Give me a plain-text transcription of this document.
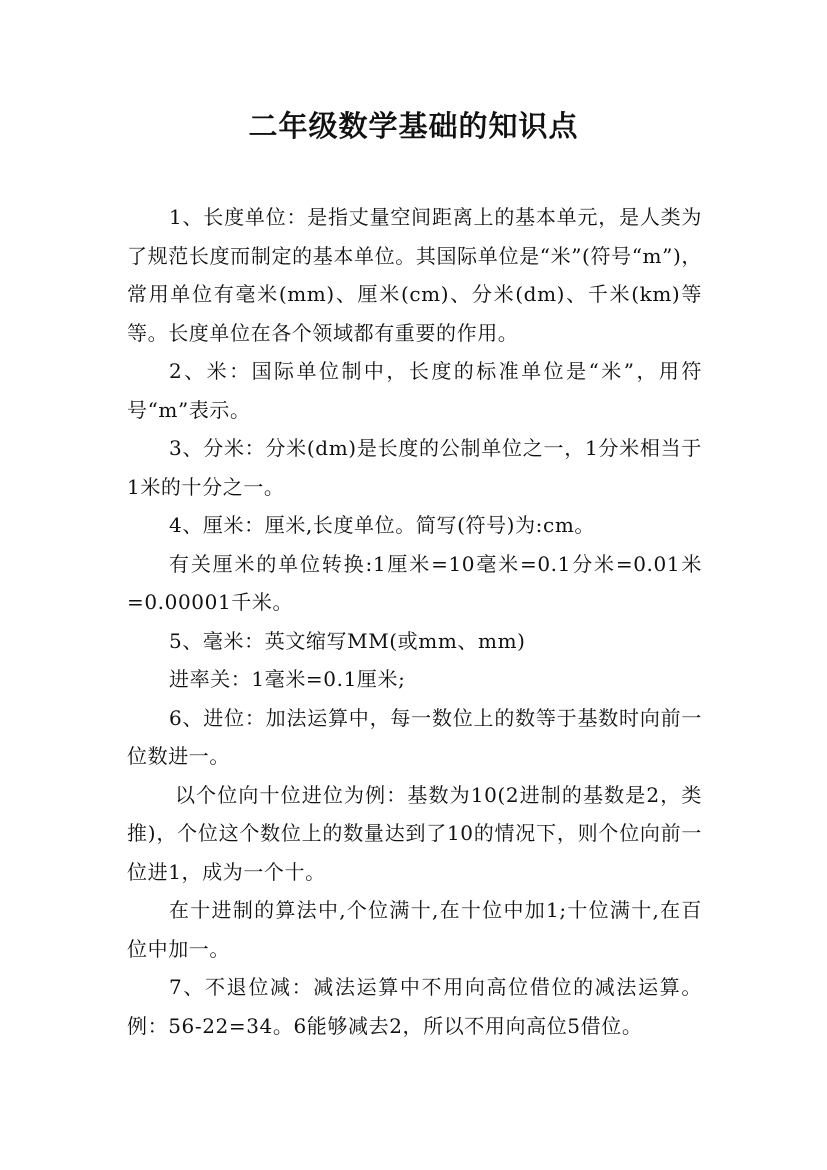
二年级数学基础的知识点

1、长度单位：是指丈量空间距离上的基本单元，是人类为了规范长度而制定的基本单位。其国际单位是“米”(符号“m”)，常用单位有毫米(mm)、厘米(cm)、分米(dm)、千米(km)等等。长度单位在各个领域都有重要的作用。

2、米：国际单位制中，长度的标准单位是“米”，用符号“m”表示。

3、分米：分米(dm)是长度的公制单位之一，1分米相当于1米的十分之一。

4、厘米：厘米,长度单位。简写(符号)为:cm。

有关厘米的单位转换:1厘米=10毫米=0.1分米=0.01米=0.00001千米。

5、毫米：英文缩写MM(或mm、mm)

进率关：1毫米=0.1厘米;

6、进位：加法运算中，每一数位上的数等于基数时向前一位数进一。

以个位向十位进位为例：基数为10(2进制的基数是2，类推)，个位这个数位上的数量达到了10的情况下，则个位向前一位进1，成为一个十。

在十进制的算法中,个位满十,在十位中加1;十位满十,在百位中加一。

7、不退位减：减法运算中不用向高位借位的减法运算。例：56-22=34。6能够减去2，所以不用向高位5借位。
